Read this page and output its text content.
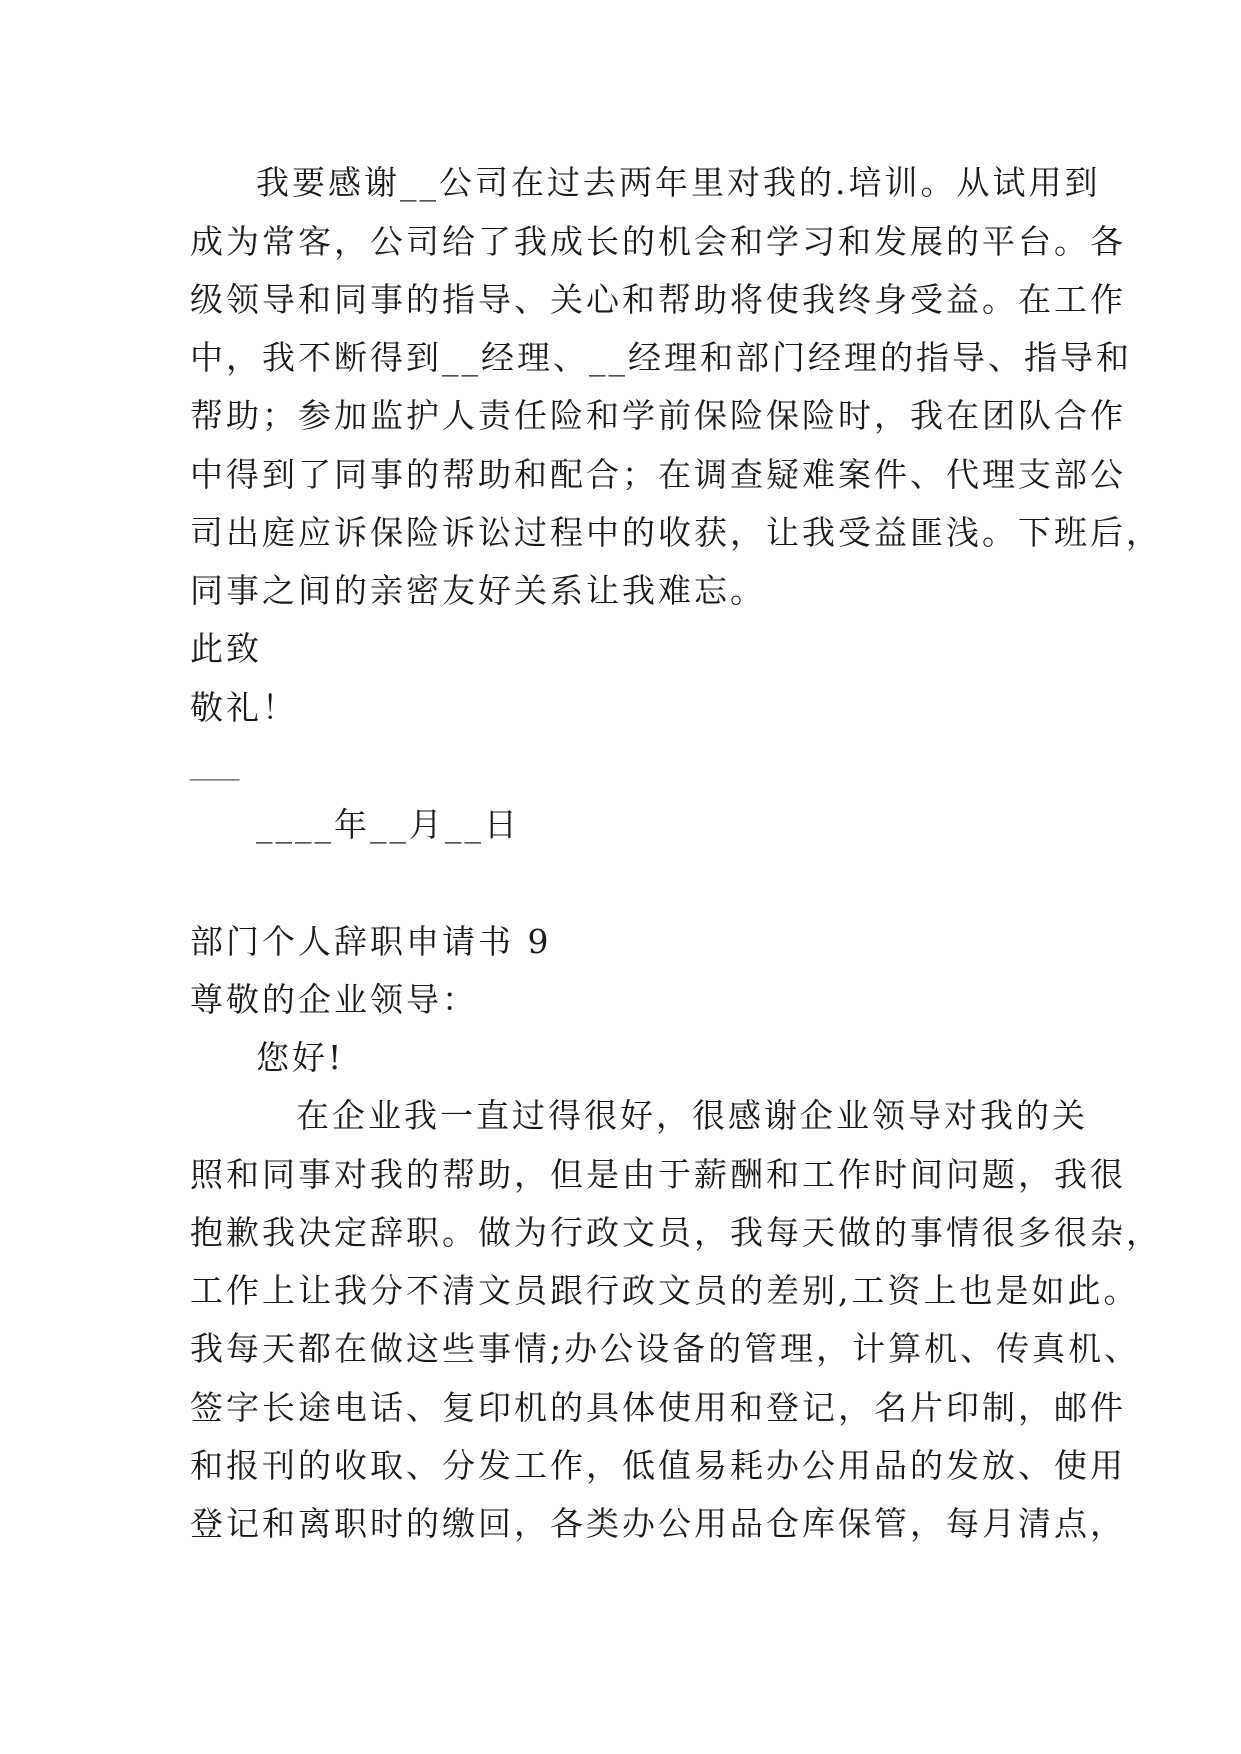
我要感谢__公司在过去两年里对我的.培训。从试用到
成为常客，公司给了我成长的机会和学习和发展的平台。各
级领导和同事的指导、关心和帮助将使我终身受益。在工作
中，我不断得到__经理、__经理和部门经理的指导、指导和
帮助；参加监护人责任险和学前保险保险时，我在团队合作
中得到了同事的帮助和配合；在调查疑难案件、代理支部公
司出庭应诉保险诉讼过程中的收获，让我受益匪浅。下班后，
同事之间的亲密友好关系让我难忘。
此致
敬礼！
___
____年__月__日
部门个人辞职申请书 9
尊敬的企业领导：
您好!
在企业我一直过得很好，很感谢企业领导对我的关
照和同事对我的帮助，但是由于薪酬和工作时间问题，我很
抱歉我决定辞职。做为行政文员，我每天做的事情很多很杂，
工作上让我分不清文员跟行政文员的差别,工资上也是如此。
我每天都在做这些事情;办公设备的管理，计算机、传真机、
签字长途电话、复印机的具体使用和登记，名片印制，邮件
和报刊的收取、分发工作，低值易耗办公用品的发放、使用
登记和离职时的缴回，各类办公用品仓库保管，每月清点，
